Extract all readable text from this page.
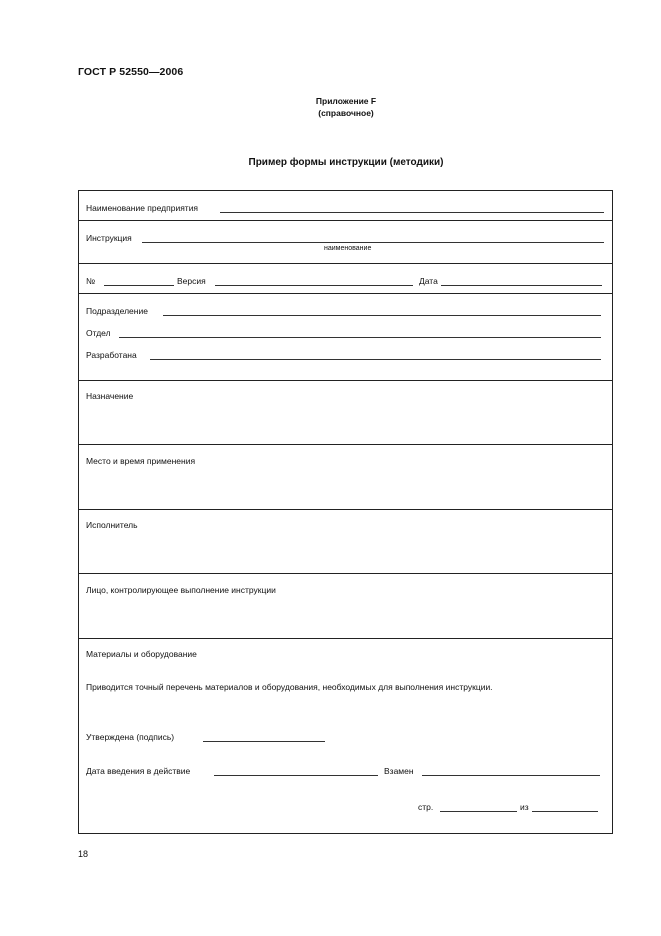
ГОСТ Р 52550—2006
Приложение F
(справочное)
Пример формы инструкции (методики)
Наименование предприятия
Инструкция
наименование
№	Версия	Дата
Подразделение
Отдел
Разработана
Назначение
Место и время применения
Исполнитель
Лицо, контролирующее выполнение инструкции
Материалы и оборудование
Приводится точный перечень материалов и оборудования, необходимых для выполнения инструкции.
Утверждена (подпись)
Дата введения в действие	Взамен
стр.	из
18
